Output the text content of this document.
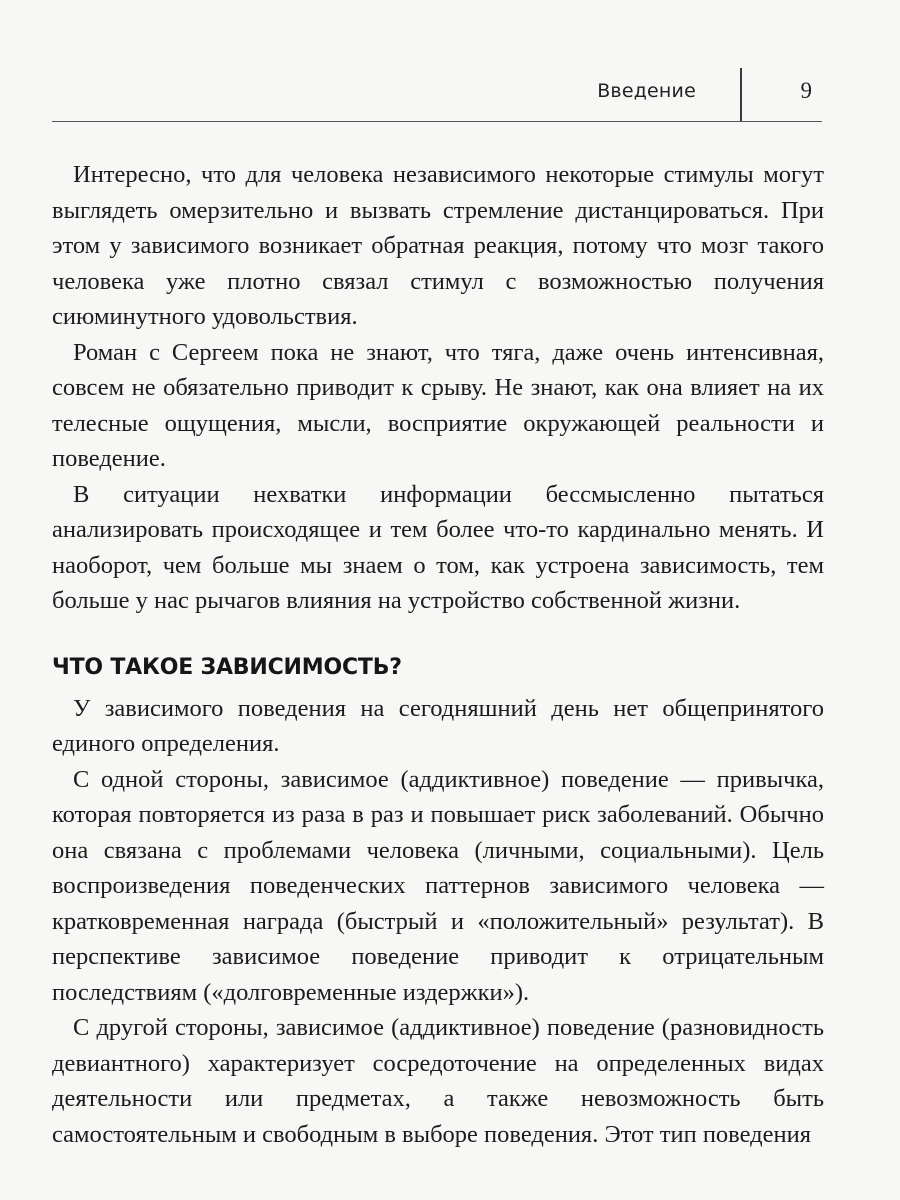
Введение	9

Интересно, что для человека независимого некоторые стимулы могут выглядеть омерзительно и вызвать стремление дистанцироваться. При этом у зависимого возникает обратная реакция, потому что мозг такого человека уже плотно связал стимул с возможностью получения сиюминутного удовольствия.

Роман с Сергеем пока не знают, что тяга, даже очень интенсивная, совсем не обязательно приводит к срыву. Не знают, как она влияет на их телесные ощущения, мысли, восприятие окружающей реальности и поведение.

В ситуации нехватки информации бессмысленно пытаться анализировать происходящее и тем более что-то кардинально менять. И наоборот, чем больше мы знаем о том, как устроена зависимость, тем больше у нас рычагов влияния на устройство собственной жизни.

ЧТО ТАКОЕ ЗАВИСИМОСТЬ?

У зависимого поведения на сегодняшний день нет общепринятого единого определения.

С одной стороны, зависимое (аддиктивное) поведение — привычка, которая повторяется из раза в раз и повышает риск заболеваний. Обычно она связана с проблемами человека (личными, социальными). Цель воспроизведения поведенческих паттернов зависимого человека — кратковременная награда (быстрый и «положительный» результат). В перспективе зависимое поведение приводит к отрицательным последствиям («долговременные издержки»).

С другой стороны, зависимое (аддиктивное) поведение (разновидность девиантного) характеризует сосредоточение на определенных видах деятельности или предметах, а также невозможность быть самостоятельным и свободным в выборе поведения. Этот тип поведения
